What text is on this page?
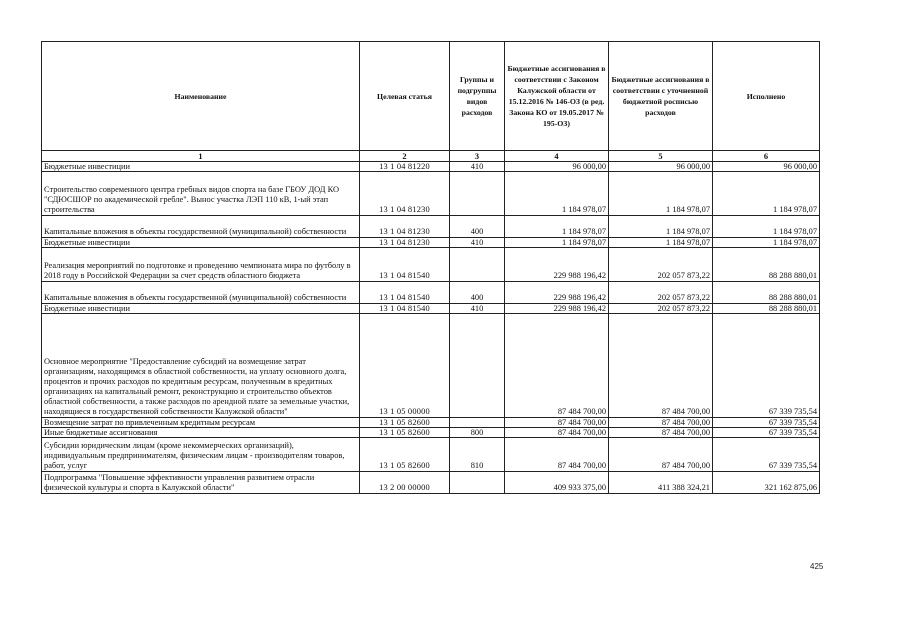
Наименование	Целевая статья	Группы и подгруппы видов расходов	Бюджетные ассигнования в соответствии с Законом Калужской области от 15.12.2016 № 146-ОЗ (в ред. Закона КО от 19.05.2017 № 195-ОЗ)	Бюджетные ассигнования в соответствии с уточненной бюджетной росписью расходов	Исполнено
1	2	3	4	5	6
Бюджетные инвестиции	13 1 04 81220	410	96 000,00	96 000,00	96 000,00
Строительство современного центра гребных видов спорта на базе ГБОУ ДОД КО "СДЮСШОР по академической гребле". Вынос участка ЛЭП 110 кВ, 1-ый этап строительства	13 1 04 81230		1 184 978,07	1 184 978,07	1 184 978,07
Капитальные вложения в объекты государственной (муниципальной) собственности	13 1 04 81230	400	1 184 978,07	1 184 978,07	1 184 978,07
Бюджетные инвестиции	13 1 04 81230	410	1 184 978,07	1 184 978,07	1 184 978,07
Реализация мероприятий по подготовке и проведению чемпионата мира по футболу в 2018 году в Российской Федерации за счет средств областного бюджета	13 1 04 81540		229 988 196,42	202 057 873,22	88 288 880,01
Капитальные вложения в объекты государственной (муниципальной) собственности	13 1 04 81540	400	229 988 196,42	202 057 873,22	88 288 880,01
Бюджетные инвестиции	13 1 04 81540	410	229 988 196,42	202 057 873,22	88 288 880,01
Основное мероприятие "Предоставление субсидий на возмещение затрат организациям, находящимся в областной собственности, на уплату основного долга, процентов и прочих расходов по кредитным ресурсам, полученным в кредитных организациях на капитальный ремонт, реконструкцию и строительство объектов областной собственности, а также расходов по арендной плате за земельные участки, находящиеся в государственной собственности Калужской области"	13 1 05 00000		87 484 700,00	87 484 700,00	67 339 735,54
Возмещение затрат по привлеченным кредитным ресурсам	13 1 05 82600		87 484 700,00	87 484 700,00	67 339 735,54
Иные бюджетные ассигнования	13 1 05 82600	800	87 484 700,00	87 484 700,00	67 339 735,54
Субсидии юридическим лицам (кроме некоммерческих организаций), индивидуальным предпринимателям, физическим лицам - производителям товаров, работ, услуг	13 1 05 82600	810	87 484 700,00	87 484 700,00	67 339 735,54
Подпрограмма "Повышение эффективности управления развитием отрасли физической культуры и спорта в Калужской области"	13 2 00 00000		409 933 375,00	411 388 324,21	321 162 875,06
425
